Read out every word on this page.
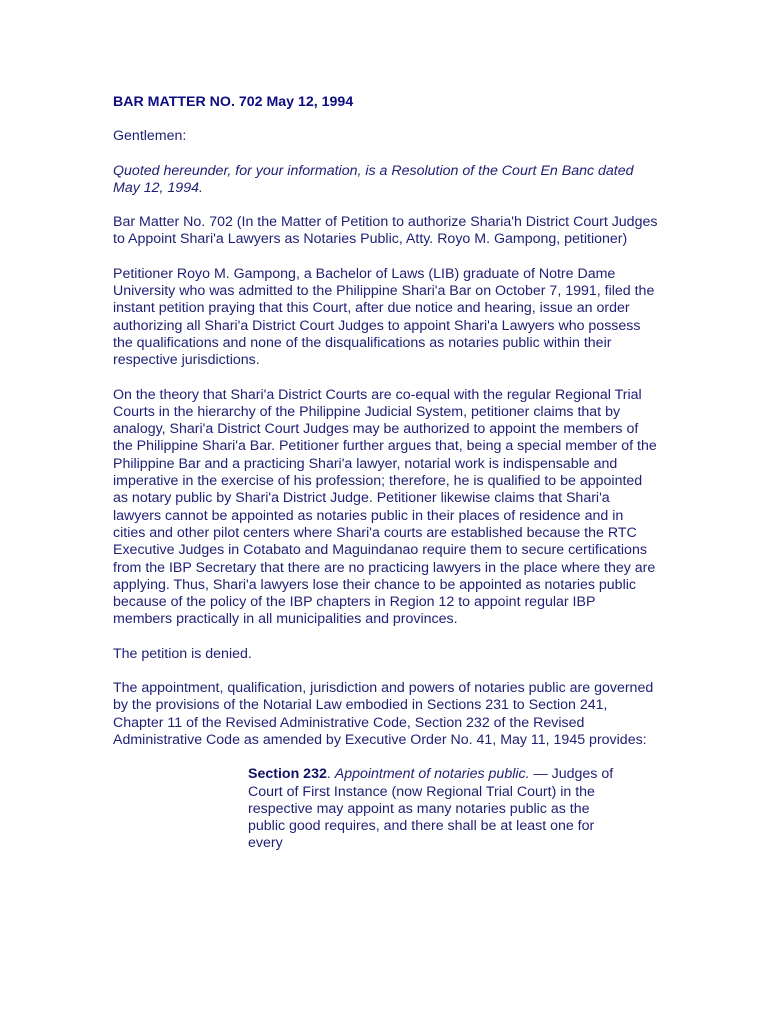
BAR MATTER NO. 702 May 12, 1994

Gentlemen:

Quoted hereunder, for your information, is a Resolution of the Court En Banc dated May 12, 1994.

Bar Matter No. 702 (In the Matter of Petition to authorize Sharia'h District Court Judges to Appoint Shari'a Lawyers as Notaries Public, Atty. Royo M. Gampong, petitioner)

Petitioner Royo M. Gampong, a Bachelor of Laws (LIB) graduate of Notre Dame University who was admitted to the Philippine Shari'a Bar on October 7, 1991, filed the instant petition praying that this Court, after due notice and hearing, issue an order authorizing all Shari'a District Court Judges to appoint Shari'a Lawyers who possess the qualifications and none of the disqualifications as notaries public within their respective jurisdictions.

On the theory that Shari'a District Courts are co-equal with the regular Regional Trial Courts in the hierarchy of the Philippine Judicial System, petitioner claims that by analogy, Shari'a District Court Judges may be authorized to appoint the members of the Philippine Shari'a Bar. Petitioner further argues that, being a special member of the Philippine Bar and a practicing Shari'a lawyer, notarial work is indispensable and imperative in the exercise of his profession; therefore, he is qualified to be appointed as notary public by Shari'a District Judge. Petitioner likewise claims that Shari'a lawyers cannot be appointed as notaries public in their places of residence and in cities and other pilot centers where Shari'a courts are established because the RTC Executive Judges in Cotabato and Maguindanao require them to secure certifications from the IBP Secretary that there are no practicing lawyers in the place where they are applying. Thus, Shari'a lawyers lose their chance to be appointed as notaries public because of the policy of the IBP chapters in Region 12 to appoint regular IBP members practically in all municipalities and provinces.

The petition is denied.

The appointment, qualification, jurisdiction and powers of notaries public are governed by the provisions of the Notarial Law embodied in Sections 231 to Section 241, Chapter 11 of the Revised Administrative Code, Section 232 of the Revised Administrative Code as amended by Executive Order No. 41, May 11, 1945 provides:

Section 232. Appointment of notaries public. — Judges of Court of First Instance (now Regional Trial Court) in the respective may appoint as many notaries public as the public good requires, and there shall be at least one for every
